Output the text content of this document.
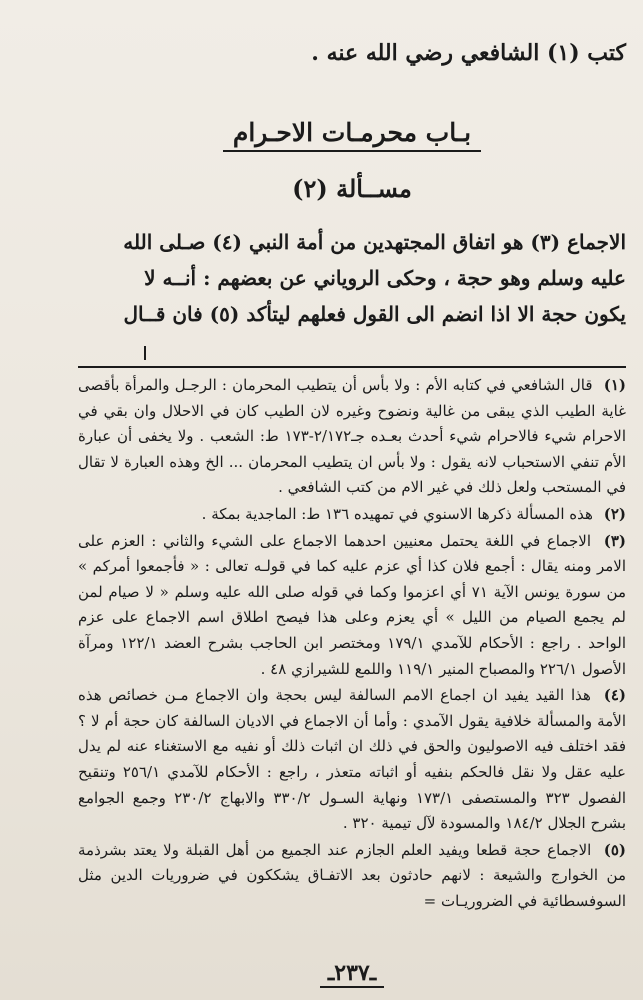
كتب (١) الشافعي رضي الله عنه .
بـاب محرمـات الاحـرام
مســألة (٢)

الاجماع (٣) هو اتفاق المجتهدين من أمة النبي (٤) صـلى الله

عليه وسلم وهو حجة ، وحكى الروياني عن بعضهم : أنــه لا

يكون حجة الا اذا انضم الى القول فعلهم ليتأكد (٥) فان قــال

(١) قال الشافعي في كتابه الأم : ولا بأس أن يتطيب المحرمان : الرجـل والمرأة بأقصى غاية الطيب الذي يبقى من غالية ونضوح وغيره لان الطيب كان في الاحلال وان بقي في الاحرام شيء فالاحرام شيء أحدث بعـده جـ٢/١٧٢-١٧٣ ط: الشعب . ولا يخفى أن عبارة الأم تنفي الاستحباب لانه يقول : ولا بأس ان يتطيب المحرمان ... الخ وهذه العبارة لا تقال في المستحب ولعل ذلك في غير الام من كتب الشافعي .

(٢) هذه المسألة ذكرها الاسنوي في تمهيده ١٣٦ ط: الماجدية بمكة .

(٣) الاجماع في اللغة يحتمل معنيين احدهما الاجماع على الشيء والثاني : العزم على الامر ومنه يقال : أجمع فلان كذا أي عزم عليه كما في قولـه تعالى : « فأجمعوا أمركم » من سورة يونس الآية ٧١ أي اعزموا وكما في قوله صلى الله عليه وسلم « لا صيام لمن لم يجمع الصيام من الليل » أي يعزم وعلى هذا فيصح اطلاق اسم الاجماع على عزم الواحد . راجع : الأحكام للآمدي ١٧٩/١ ومختصر ابن الحاجب بشرح العضد ١٢٢/١ ومرآة الأصول ٢٢٦/١ والمصباح المنير ١١٩/١ واللمع للشيرازي ٤٨ .

(٤) هذا القيد يفيد ان اجماع الامم السالفة ليس بحجة وان الاجماع مـن خصائص هذه الأمة والمسألة خلافية يقول الآمدي : وأما أن الاجماع في الاديان السالفة كان حجة أم لا ؟ فقد اختلف فيه الاصوليون والحق في ذلك ان اثبات ذلك أو نفيه مع الاستغناء عنه لم يدل عليه عقل ولا نقل فالحكم بنفيه أو اثباته متعذر ، راجع : الأحكام للآمدي ٢٥٦/١ وتنقيح الفصول ٣٢٣ والمستصفى ١٧٣/١ ونهاية السـول ٣٣٠/٢ والابهاج ٢٣٠/٢ وجمع الجوامع بشرح الجلال ١٨٤/٢ والمسودة لآل تيمية ٣٢٠ .

(٥) الاجماع حجة قطعا ويفيد العلم الجازم عند الجميع من أهل القبلة ولا يعتد بشرذمة من الخوارج والشيعة : لانهم حادثون بعد الاتفـاق يشككون في ضروريات الدين مثل السوفسطائية في الضروريـات =

ـ٢٣٧ـ
